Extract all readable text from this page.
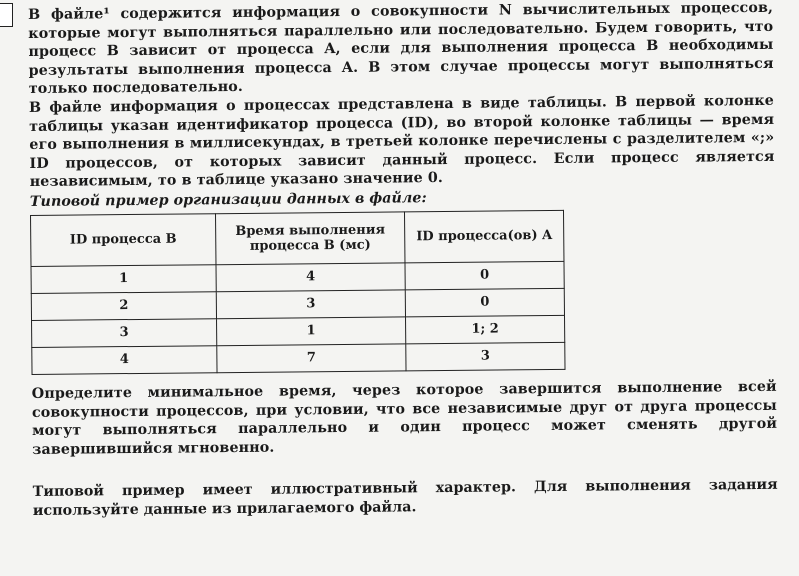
В файле¹ содержится информация о совокупности N вычислительных процессов, которые могут выполняться параллельно или последовательно. Будем говорить, что процесс B зависит от процесса A, если для выполнения процесса B необходимы результаты выполнения процесса A. В этом случае процессы могут выполняться только последовательно.

В файле информация о процессах представлена в виде таблицы. В первой колонке таблицы указан идентификатор процесса (ID), во второй колонке таблицы — время его выполнения в миллисекундах, в третьей колонке перечислены с разделителем «;» ID процессов, от которых зависит данный процесс. Если процесс является независимым, то в таблице указано значение 0.

Типовой пример организации данных в файле:

ID процесса B	Время выполнения процесса B (мс)	ID процесса(ов) A
1	4	0
2	3	0
3	1	1; 2
4	7	3

Определите минимальное время, через которое завершится выполнение всей совокупности процессов, при условии, что все независимые друг от друга процессы могут выполняться параллельно и один процесс может сменять другой завершившийся мгновенно.

Типовой пример имеет иллюстративный характер. Для выполнения задания используйте данные из прилагаемого файла.
